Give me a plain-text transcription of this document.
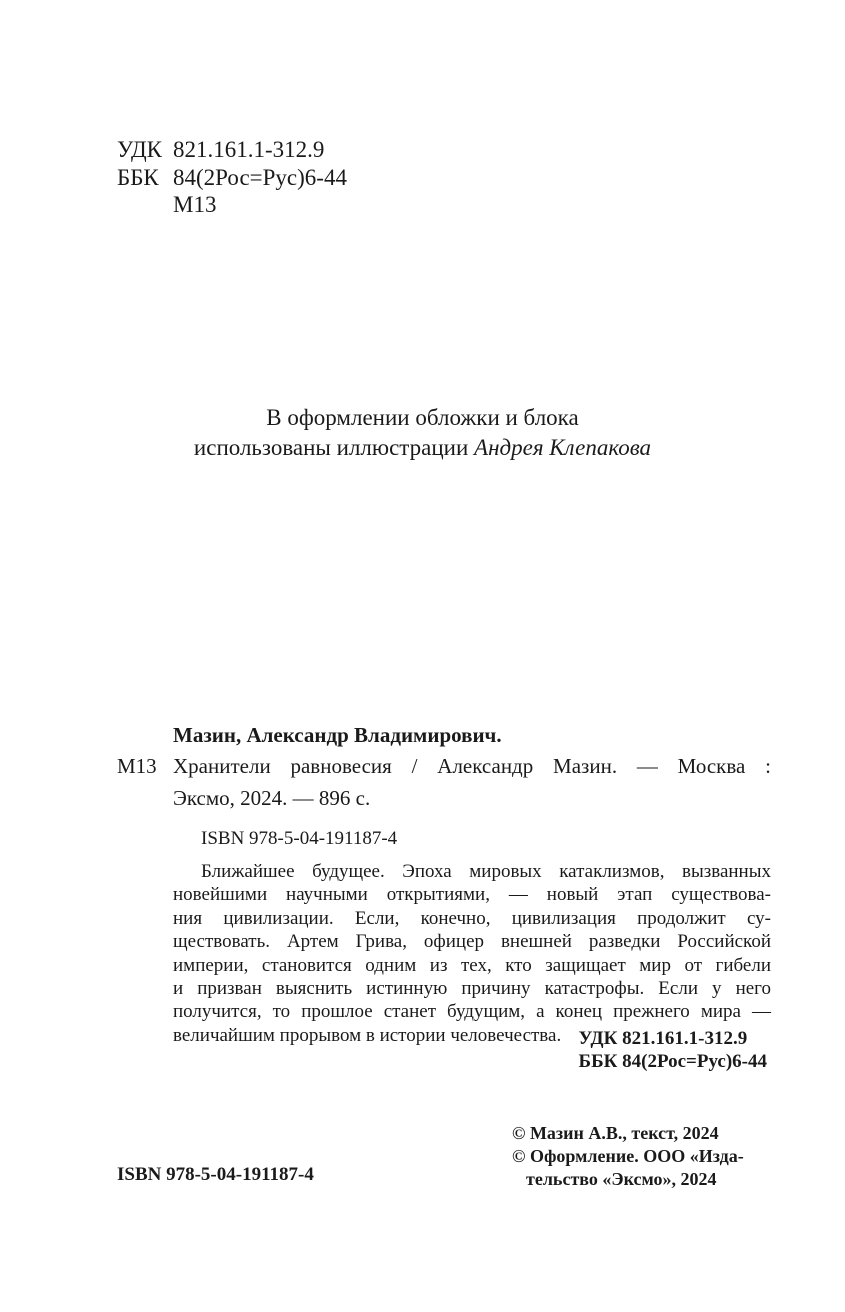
УДК 821.161.1-312.9
ББК 84(2Рос=Рус)6-44
М13
В оформлении обложки и блока
использованы иллюстрации Андрея Клепакова
Мазин, Александр Владимирович.
М13 Хранители равновесия / Александр Мазин. — Москва :
Эксмо, 2024. — 896 с.
ISBN 978-5-04-191187-4
Ближайшее будущее. Эпоха мировых катаклизмов, вызванных
новейшими научными открытиями, — новый этап существова-
ния цивилизации. Если, конечно, цивилизация продолжит су-
ществовать. Артем Грива, офицер внешней разведки Российской
империи, становится одним из тех, кто защищает мир от гибели
и призван выяснить истинную причину катастрофы. Если у него
получится, то прошлое станет будущим, а конец прежнего мира —
величайшим прорывом в истории человечества. УДК 821.161.1-312.9
ББК 84(2Рос=Рус)6-44
ISBN 978-5-04-191187-4
© Мазин А.В., текст, 2024
© Оформление. ООО «Изда-
тельство «Эксмо», 2024
